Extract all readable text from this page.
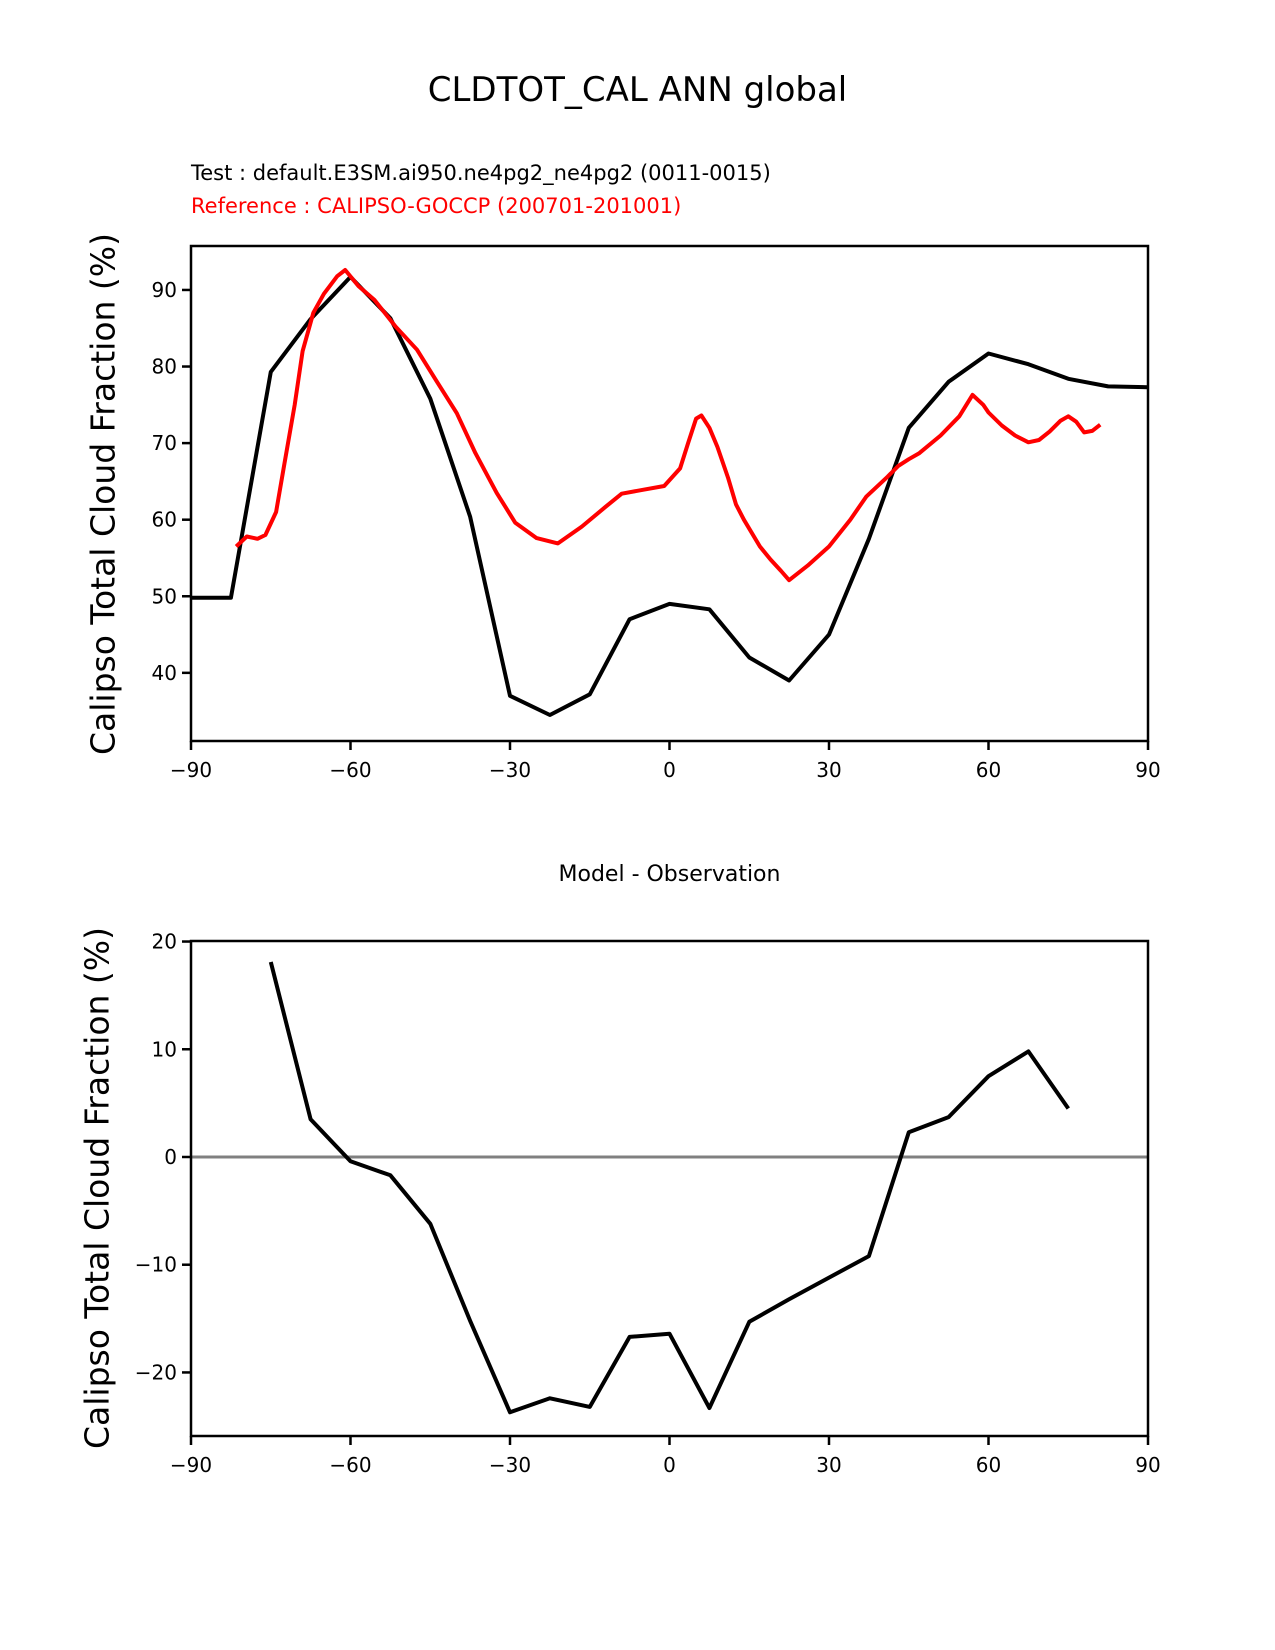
CLDTOT_CAL ANN global
Test : default.E3SM.ai950.ne4pg2_ne4pg2 (0011-0015)
Reference : CALIPSO-GOCCP (200701-201001)
Calipso Total Cloud Fraction (%)
Calipso Total Cloud Fraction (%)
Model - Observation
−90	−60	−30	0	30	60	90
40
50
60
70
80
90
−90	−60	−30	0	30	60	90
−20
−10
0
10
20
